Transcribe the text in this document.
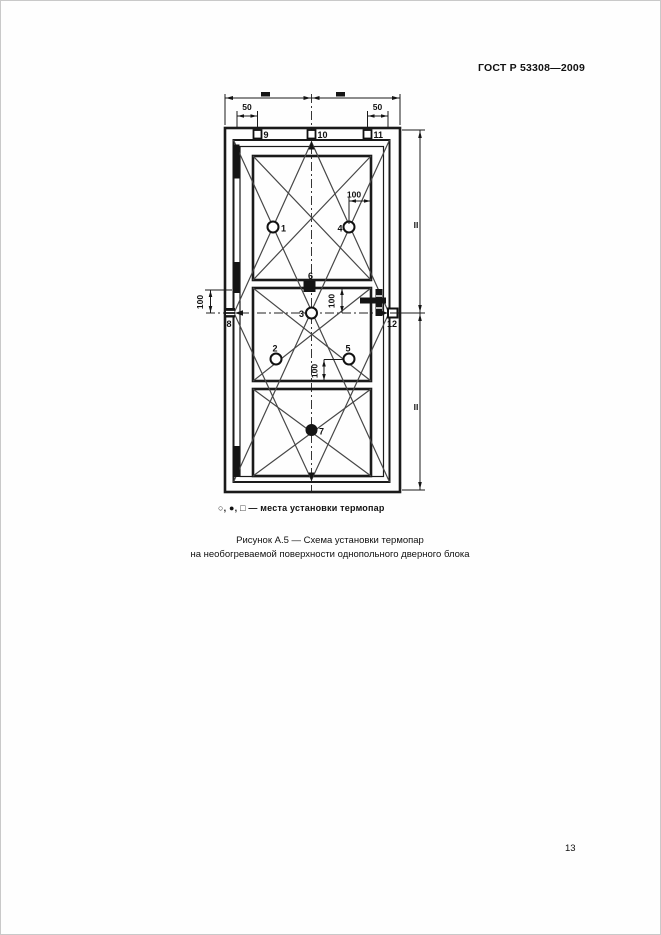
ГОСТ Р 53308—2009
1	4
2	5
3
6
7
8	12
9	10	11
50	50
II
II
100	100
100
100
○, ●, □ — места установки термопар
Рисунок А.5 — Схема установки термопар
на необогреваемой поверхности однопольного дверного блока
13
